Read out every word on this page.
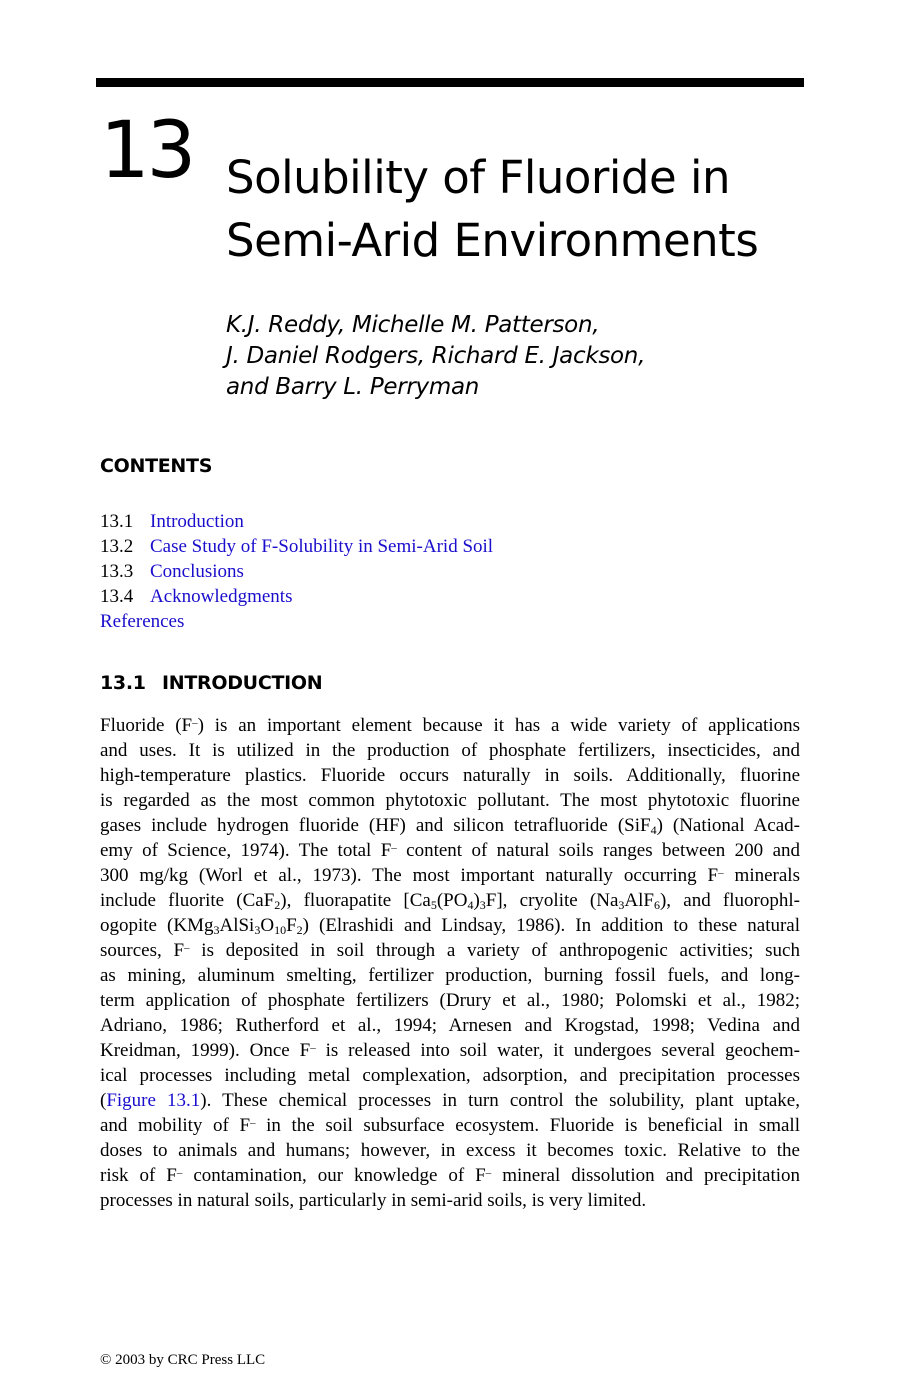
13 Solubility of Fluoride in
Semi-Arid Environments
K.J. Reddy, Michelle M. Patterson,
J. Daniel Rodgers, Richard E. Jackson,
and Barry L. Perryman
CONTENTS
13.1 Introduction
13.2 Case Study of F-Solubility in Semi-Arid Soil
13.3 Conclusions
13.4 Acknowledgments
References
13.1 INTRODUCTION
Fluoride (F–) is an important element because it has a wide variety of applications
and uses. It is utilized in the production of phosphate fertilizers, insecticides, and
high-temperature plastics. Fluoride occurs naturally in soils. Additionally, fluorine
is regarded as the most common phytotoxic pollutant. The most phytotoxic fluorine
gases include hydrogen fluoride (HF) and silicon tetrafluoride (SiF$_4$) (National Acad-
emy of Science, 1974). The total F– content of natural soils ranges between 200 and
300 mg/kg (Worl et al., 1973). The most important naturally occurring F– minerals
include fluorite (CaF$_2$), fluorapatite $[Ca_5(PO_4)_3F]$, cryolite $(Na_3AlF_6)$, and fluorophl-
ogopite $(KMg_3AlSi_3O_{10}F_2)$ (Elrashidi and Lindsay, 1986). In addition to these natural
sources, F– is deposited in soil through a variety of anthropogenic activities; such
as mining, aluminum smelting, fertilizer production, burning fossil fuels, and long-
term application of phosphate fertilizers (Drury et al., 1980; Polomski et al., 1982;
Adriano, 1986; Rutherford et al., 1994; Arnesen and Krogstad, 1998; Vedina and
Kreidman, 1999). Once F– is released into soil water, it undergoes several geochem-
ical processes including metal complexation, adsorption, and precipitation processes
(Figure 13.1). These chemical processes in turn control the solubility, plant uptake,
and mobility of F– in the soil subsurface ecosystem. Fluoride is beneficial in small
doses to animals and humans; however, in excess it becomes toxic. Relative to the
risk of F– contamination, our knowledge of F– mineral dissolution and precipitation
processes in natural soils, particularly in semi-arid soils, is very limited.
© 2003 by CRC Press LLC
